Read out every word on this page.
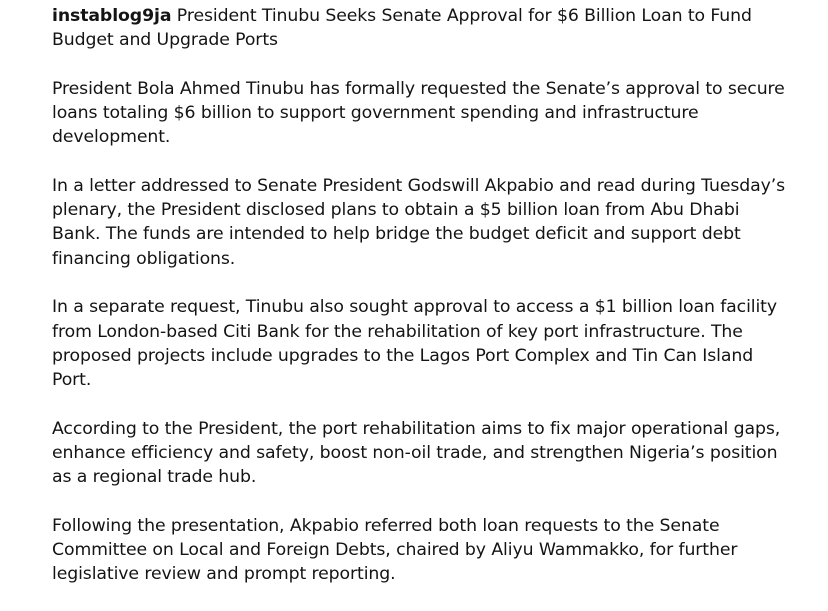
instablog9ja President Tinubu Seeks Senate Approval for $6 Billion Loan to Fund Budget and Upgrade Ports
President Bola Ahmed Tinubu has formally requested the Senate’s approval to secure loans totaling $6 billion to support government spending and infrastructure development.
In a letter addressed to Senate President Godswill Akpabio and read during Tuesday’s plenary, the President disclosed plans to obtain a $5 billion loan from Abu Dhabi Bank. The funds are intended to help bridge the budget deficit and support debt financing obligations.
In a separate request, Tinubu also sought approval to access a $1 billion loan facility from London-based Citi Bank for the rehabilitation of key port infrastructure. The proposed projects include upgrades to the Lagos Port Complex and Tin Can Island Port.
According to the President, the port rehabilitation aims to fix major operational gaps, enhance efficiency and safety, boost non-oil trade, and strengthen Nigeria’s position as a regional trade hub.
Following the presentation, Akpabio referred both loan requests to the Senate Committee on Local and Foreign Debts, chaired by Aliyu Wammakko, for further legislative review and prompt reporting.
